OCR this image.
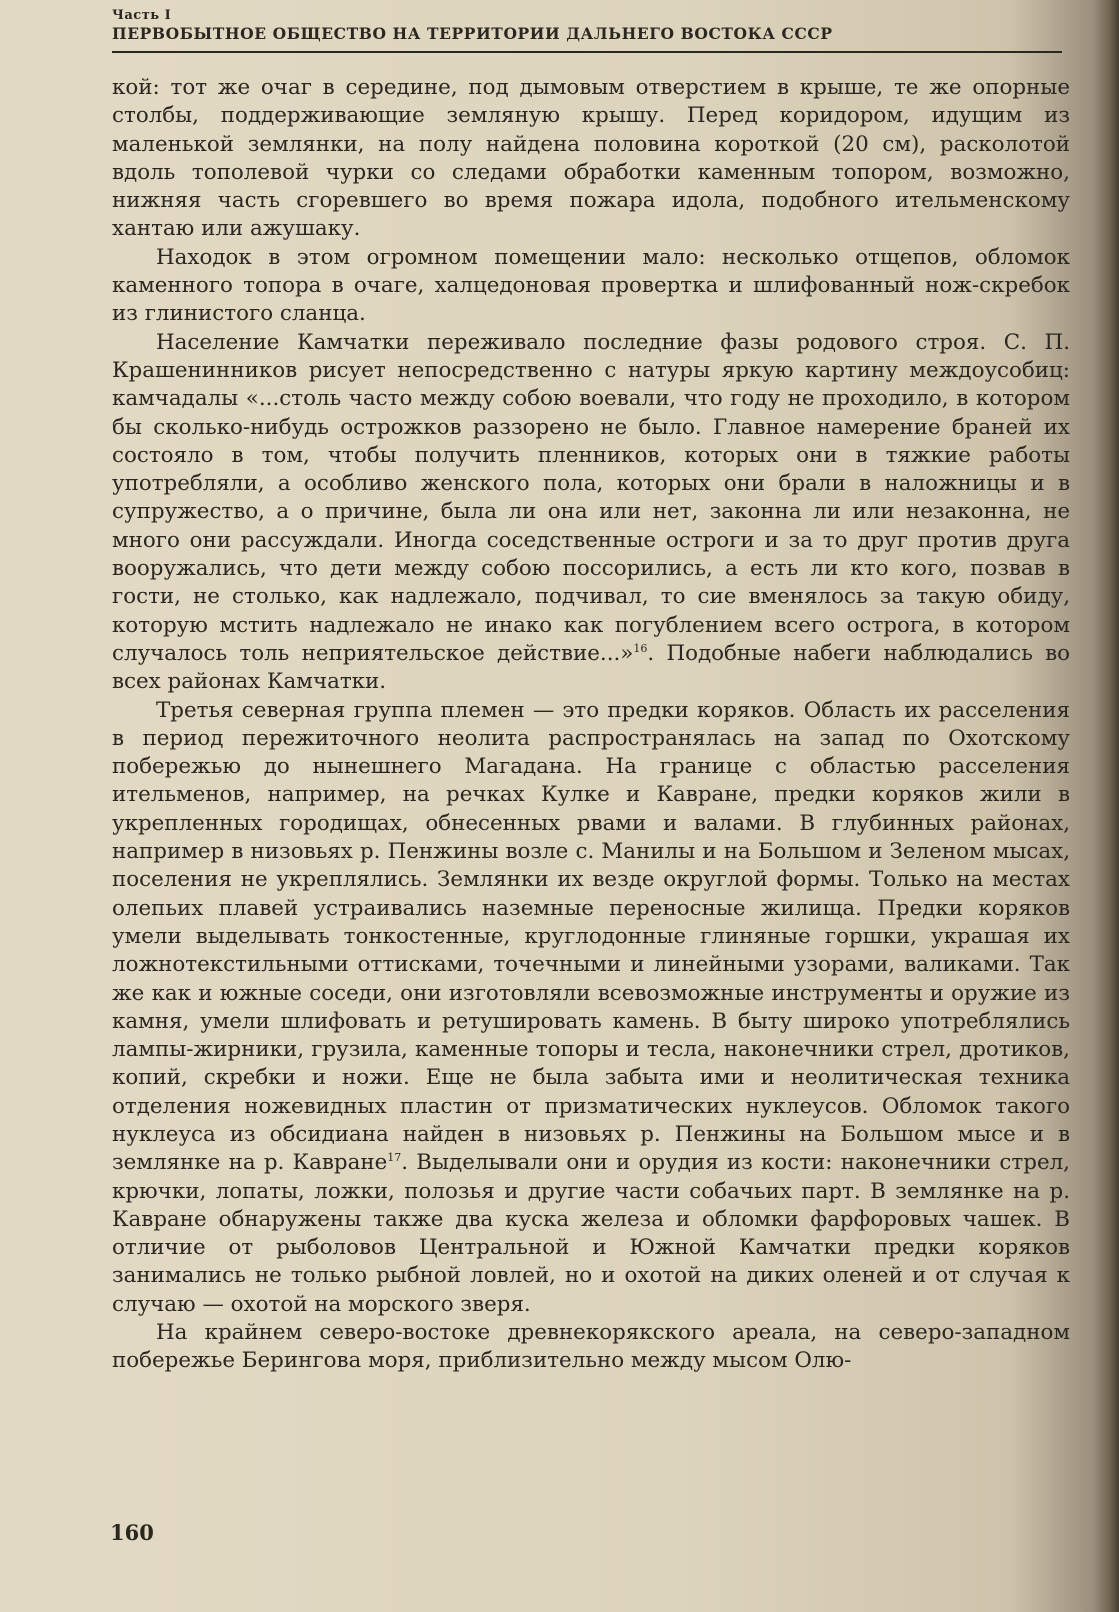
Часть I
ПЕРВОБЫТНОЕ ОБЩЕСТВО НА ТЕРРИТОРИИ ДАЛЬНЕГО ВОСТОКА СССР

кой: тот же очаг в середине, под дымовым отверстием в крыше, те же опорные столбы, поддерживающие земляную крышу. Перед коридором, идущим из маленькой землянки, на полу найдена половина короткой (20 см), расколотой вдоль тополевой чурки со следами обработки каменным топором, возможно, нижняя часть сгоревшего во время пожара идола, подобного ительменскому хантаю или ажушаку.

Находок в этом огромном помещении мало: несколько отщепов, обломок каменного топора в очаге, халцедоновая провертка и шлифованный нож-скребок из глинистого сланца.

Население Камчатки переживало последние фазы родового строя. С. П. Крашенинников рисует непосредственно с натуры яркую картину междоусобиц: камчадалы «...столь часто между собою воевали, что году не проходило, в котором бы сколько-нибудь острожков раззорено не было. Главное намерение браней их состояло в том, чтобы получить пленников, которых они в тяжкие работы употребляли, а особливо женского пола, которых они брали в наложницы и в супружество, а о причине, была ли она или нет, законна ли или незаконна, не много они рассуждали. Иногда соседственные остроги и за то друг против друга вооружались, что дети между собою поссорились, а есть ли кто кого, позвав в гости, не столько, как надлежало, подчивал, то сие вменялось за такую обиду, которую мстить надлежало не инако как погублением всего острога, в котором случалось толь неприятельское действие...»$^{16}$. Подобные набеги наблюдались во всех районах Камчатки.

Третья северная группа племен — это предки коряков. Область их расселения в период пережиточного неолита распространялась на запад по Охотскому побережью до нынешнего Магадана. На границе с областью расселения ительменов, например, на речках Кулке и Кавране, предки коряков жили в укрепленных городищах, обнесенных рвами и валами. В глубинных районах, например в низовьях р. Пенжины возле с. Манилы и на Большом и Зеленом мысах, поселения не укреплялись. Землянки их везде округлой формы. Только на местах олепьих плавей устраивались наземные переносные жилища. Предки коряков умели выделывать тонкостенные, круглодонные глиняные горшки, украшая их ложнотекстильными оттисками, точечными и линейными узорами, валиками. Так же как и южные соседи, они изготовляли всевозможные инструменты и оружие из камня, умели шлифовать и ретушировать камень. В быту широко употреблялись лампы-жирники, грузила, каменные топоры и тесла, наконечники стрел, дротиков, копий, скребки и ножи. Еще не была забыта ими и неолитическая техника отделения ножевидных пластин от призматических нуклеусов. Обломок такого нуклеуса из обсидиана найден в низовьях р. Пенжины на Большом мысе и в землянке на р. Кавране$^{17}$. Выделывали они и орудия из кости: наконечники стрел, крючки, лопаты, ложки, полозья и другие части собачьих парт. В землянке на р. Кавране обнаружены также два куска железа и обломки фарфоровых чашек. В отличие от рыболовов Центральной и Южной Камчатки предки коряков занимались не только рыбной ловлей, но и охотой на диких оленей и от случая к случаю — охотой на морского зверя.

На крайнем северо-востоке древнекорякского ареала, на северо-западном побережье Берингова моря, приблизительно между мысом Олю-

160
